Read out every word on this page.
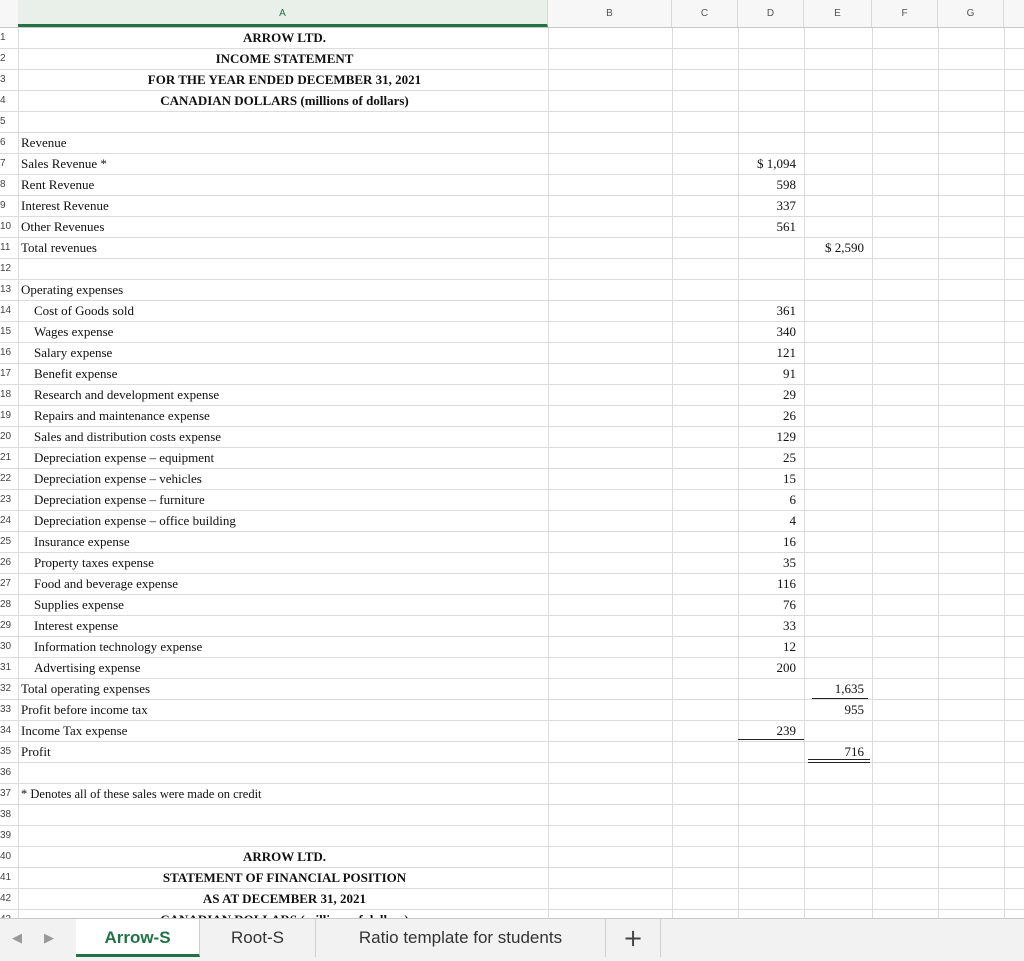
A	B	C	D	E	F	G
1	ARROW LTD.
2	INCOME STATEMENT
3	FOR THE YEAR ENDED DECEMBER 31, 2021
4	CANADIAN DOLLARS (millions of dollars)
5
6	Revenue
7	Sales Revenue *	$ 1,094
8	Rent Revenue	598
9	Interest Revenue	337
10 Other Revenues	561
11 Total revenues	$ 2,590
12
13 Operating expenses
14	Cost of Goods sold	361
15	Wages expense	340
16	Salary expense	121
17	Benefit expense	91
18	Research and development expense	29
19	Repairs and maintenance expense	26
20	Sales and distribution costs expense	129
21	Depreciation expense – equipment	25
22	Depreciation expense – vehicles	15
23	Depreciation expense – furniture	6
24	Depreciation expense – office building	4
25	Insurance expense	16
26	Property taxes expense	35
27	Food and beverage expense	116
28	Supplies expense	76
29	Interest expense	33
30	Information technology expense	12
31	Advertising expense	200
32 Total operating expenses	1,635
33 Profit before income tax	955
34 Income Tax expense	239
35 Profit	716
36
37 * Denotes all of these sales were made on credit
38
39
40	ARROW LTD.
41	STATEMENT OF FINANCIAL POSITION
42	AS AT DECEMBER 31, 2021
◀	▶	Arrow-S	Root-S	Ratio template for students	+
